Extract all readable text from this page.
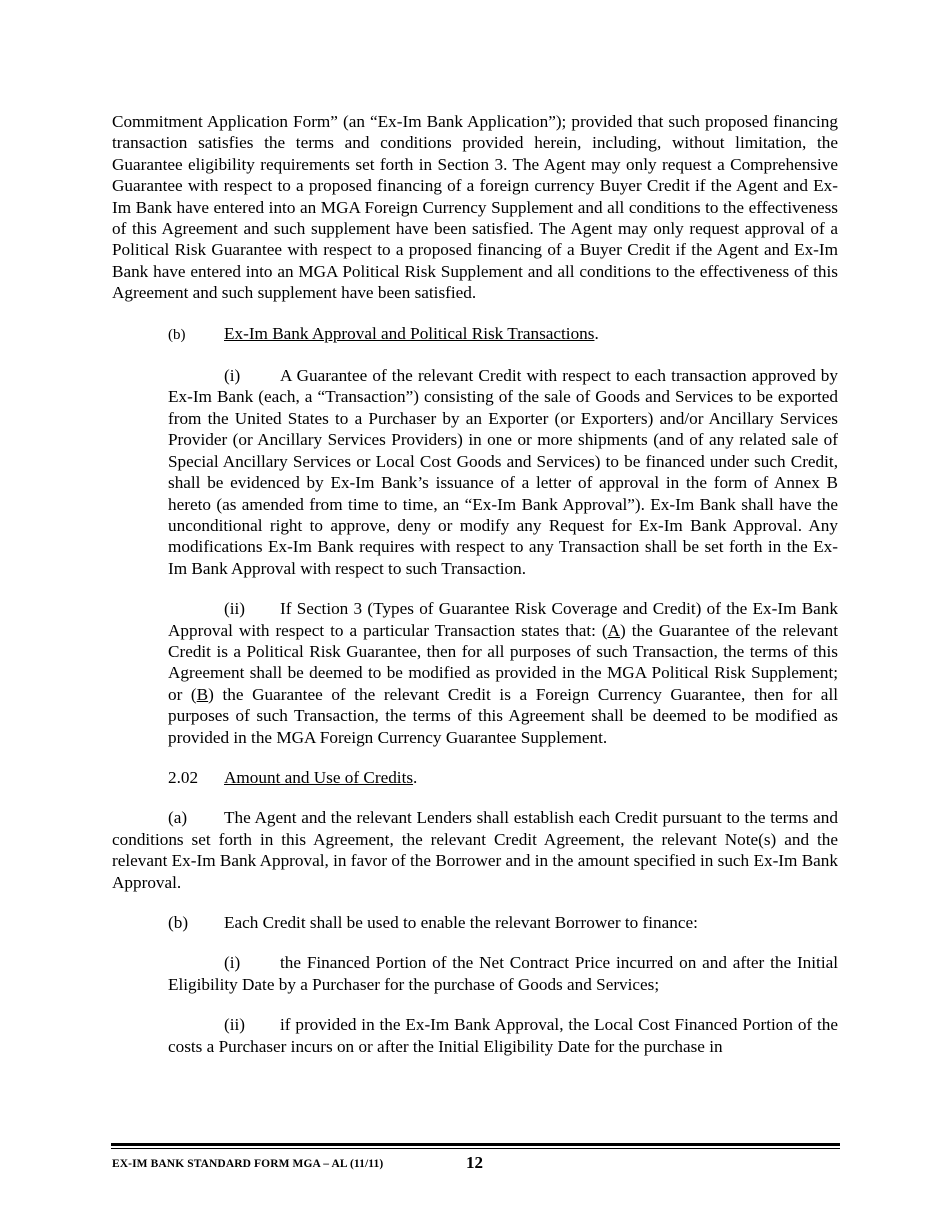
Commitment Application Form” (an “Ex-Im Bank Application”); provided that such proposed financing transaction satisfies the terms and conditions provided herein, including, without limitation, the Guarantee eligibility requirements set forth in Section 3. The Agent may only request a Comprehensive Guarantee with respect to a proposed financing of a foreign currency Buyer Credit if the Agent and Ex-Im Bank have entered into an MGA Foreign Currency Supplement and all conditions to the effectiveness of this Agreement and such supplement have been satisfied. The Agent may only request approval of a Political Risk Guarantee with respect to a proposed financing of a Buyer Credit if the Agent and Ex-Im Bank have entered into an MGA Political Risk Supplement and all conditions to the effectiveness of this Agreement and such supplement have been satisfied.

(b) Ex-Im Bank Approval and Political Risk Transactions.

(i) A Guarantee of the relevant Credit with respect to each transaction approved by Ex-Im Bank (each, a “Transaction”) consisting of the sale of Goods and Services to be exported from the United States to a Purchaser by an Exporter (or Exporters) and/or Ancillary Services Provider (or Ancillary Services Providers) in one or more shipments (and of any related sale of Special Ancillary Services or Local Cost Goods and Services) to be financed under such Credit, shall be evidenced by Ex-Im Bank’s issuance of a letter of approval in the form of Annex B hereto (as amended from time to time, an “Ex-Im Bank Approval”). Ex-Im Bank shall have the unconditional right to approve, deny or modify any Request for Ex-Im Bank Approval. Any modifications Ex-Im Bank requires with respect to any Transaction shall be set forth in the Ex-Im Bank Approval with respect to such Transaction.

(ii) If Section 3 (Types of Guarantee Risk Coverage and Credit) of the Ex-Im Bank Approval with respect to a particular Transaction states that: (A) the Guarantee of the relevant Credit is a Political Risk Guarantee, then for all purposes of such Transaction, the terms of this Agreement shall be deemed to be modified as provided in the MGA Political Risk Supplement; or (B) the Guarantee of the relevant Credit is a Foreign Currency Guarantee, then for all purposes of such Transaction, the terms of this Agreement shall be deemed to be modified as provided in the MGA Foreign Currency Guarantee Supplement.

2.02 Amount and Use of Credits.

(a) The Agent and the relevant Lenders shall establish each Credit pursuant to the terms and conditions set forth in this Agreement, the relevant Credit Agreement, the relevant Note(s) and the relevant Ex-Im Bank Approval, in favor of the Borrower and in the amount specified in such Ex-Im Bank Approval.

(b) Each Credit shall be used to enable the relevant Borrower to finance:

(i) the Financed Portion of the Net Contract Price incurred on and after the Initial Eligibility Date by a Purchaser for the purchase of Goods and Services;

(ii) if provided in the Ex-Im Bank Approval, the Local Cost Financed Portion of the costs a Purchaser incurs on or after the Initial Eligibility Date for the purchase in

EX-IM BANK STANDARD FORM MGA – AL (11/11)	12
